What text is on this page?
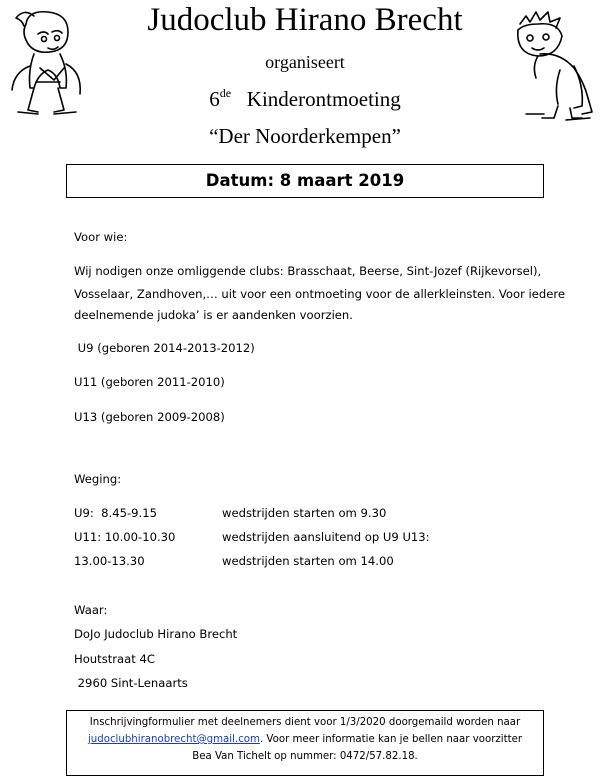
Judoclub Hirano Brecht
organiseert
6de Kinderontmoeting
“Der Noorderkempen”
Datum: 8 maart 2019
Voor wie:
Wij nodigen onze omliggende clubs: Brasschaat, Beerse, Sint-Jozef (Rijkevorsel),
Vosselaar, Zandhoven,… uit voor een ontmoeting voor de allerkleinsten. Voor iedere
deelnemende judoka’ is er aandenken voorzien.
U9 (geboren 2014-2013-2012)
U11 (geboren 2011-2010)
U13 (geboren 2009-2008)
Weging:
U9:  8.45-9.15	wedstrijden starten om 9.30
U11: 10.00-10.30	wedstrijden aansluitend op U9 U13:
13.00-13.30	wedstrijden starten om 14.00
Waar:
DoJo Judoclub Hirano Brecht
Houtstraat 4C
2960 Sint-Lenaarts
Inschrijvingformulier met deelnemers dient voor 1/3/2020 doorgemaild worden naar
judoclubhiranobrecht@gmail.com. Voor meer informatie kan je bellen naar voorzitter
Bea Van Tichelt op nummer: 0472/57.82.18.
